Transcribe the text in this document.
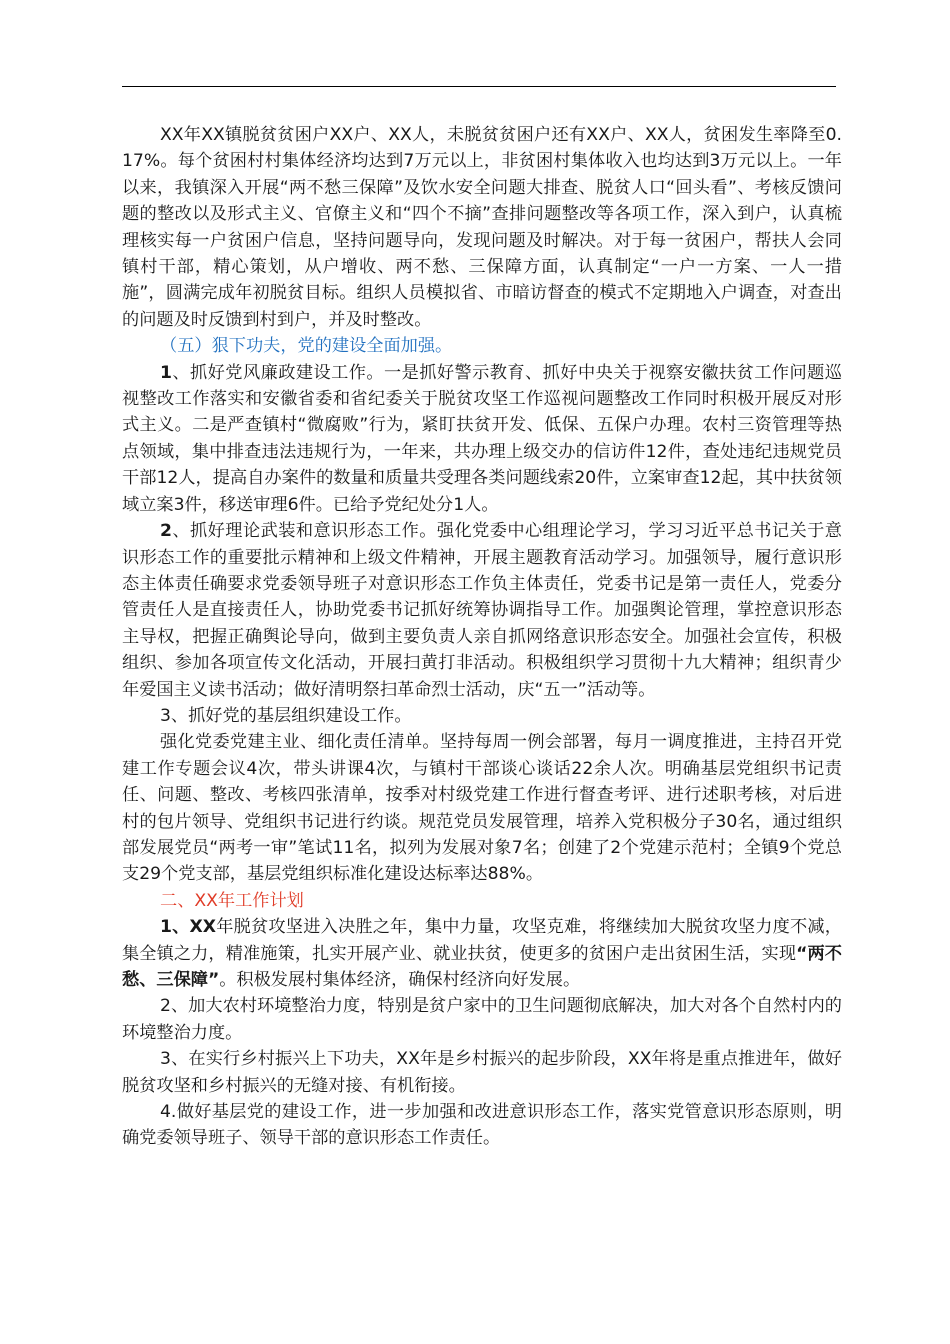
XX年XX镇脱贫贫困户XX户、XX人，未脱贫贫困户还有XX户、XX人，贫困发生率降至0.17%。每个贫困村村集体经济均达到7万元以上，非贫困村集体收入也均达到3万元以上。一年以来，我镇深入开展“两不愁三保障”及饮水安全问题大排查、脱贫人口“回头看”、考核反馈问题的整改以及形式主义、官僚主义和“四个不摘”查排问题整改等各项工作，深入到户，认真梳理核实每一户贫困户信息，坚持问题导向，发现问题及时解决。对于每一贫困户，帮扶人会同镇村干部，精心策划，从户增收、两不愁、三保障方面，认真制定“一户一方案、一人一措施”，圆满完成年初脱贫目标。组织人员模拟省、市暗访督查的模式不定期地入户调查，对查出的问题及时反馈到村到户，并及时整改。

（五）狠下功夫，党的建设全面加强。

1、抓好党风廉政建设工作。一是抓好警示教育、抓好中央关于视察安徽扶贫工作问题巡视整改工作落实和安徽省委和省纪委关于脱贫攻坚工作巡视问题整改工作同时积极开展反对形式主义。二是严查镇村“微腐败”行为，紧盯扶贫开发、低保、五保户办理。农村三资管理等热点领域，集中排查违法违规行为，一年来，共办理上级交办的信访件12件，查处违纪违规党员干部12人，提高自办案件的数量和质量共受理各类问题线索20件，立案审查12起，其中扶贫领域立案3件，移送审理6件。已给予党纪处分1人。

2、抓好理论武装和意识形态工作。强化党委中心组理论学习，学习习近平总书记关于意识形态工作的重要批示精神和上级文件精神，开展主题教育活动学习。加强领导，履行意识形态主体责任确要求党委领导班子对意识形态工作负主体责任，党委书记是第一责任人，党委分管责任人是直接责任人，协助党委书记抓好统筹协调指导工作。加强舆论管理，掌控意识形态主导权，把握正确舆论导向，做到主要负责人亲自抓网络意识形态安全。加强社会宣传，积极组织、参加各项宣传文化活动，开展扫黄打非活动。积极组织学习贯彻十九大精神；组织青少年爱国主义读书活动；做好清明祭扫革命烈士活动，庆“五一”活动等。

3、抓好党的基层组织建设工作。

强化党委党建主业、细化责任清单。坚持每周一例会部署，每月一调度推进，主持召开党建工作专题会议4次，带头讲课4次，与镇村干部谈心谈话22余人次。明确基层党组织书记责任、问题、整改、考核四张清单，按季对村级党建工作进行督查考评、进行述职考核，对后进村的包片领导、党组织书记进行约谈。规范党员发展管理，培养入党积极分子30名，通过组织部发展党员“两考一审”笔试11名，拟列为发展对象7名；创建了2个党建示范村；全镇9个党总支29个党支部，基层党组织标准化建设达标率达88%。

二、XX年工作计划

1、XX年脱贫攻坚进入决胜之年，集中力量，攻坚克难，将继续加大脱贫攻坚力度不减，集全镇之力，精准施策，扎实开展产业、就业扶贫，使更多的贫困户走出贫困生活，实现“两不愁、三保障”。积极发展村集体经济，确保村经济向好发展。

2、加大农村环境整治力度，特别是贫户家中的卫生问题彻底解决，加大对各个自然村内的环境整治力度。

3、在实行乡村振兴上下功夫，XX年是乡村振兴的起步阶段，XX年将是重点推进年，做好脱贫攻坚和乡村振兴的无缝对接、有机衔接。

4.做好基层党的建设工作，进一步加强和改进意识形态工作，落实党管意识形态原则，明确党委领导班子、领导干部的意识形态工作责任。
